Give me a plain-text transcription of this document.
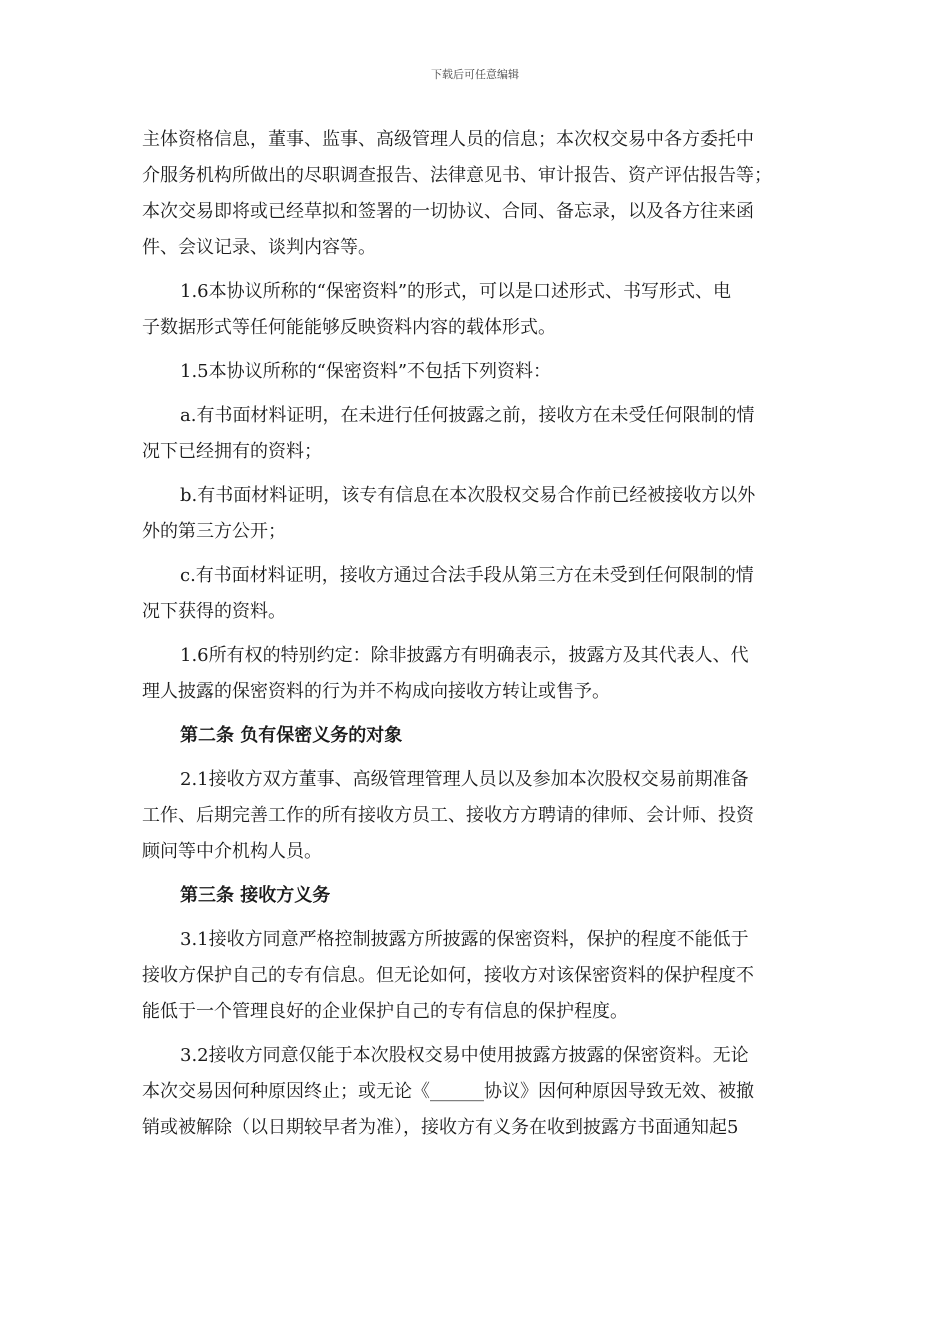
下载后可任意编辑
主体资格信息，董事、监事、高级管理人员的信息；本次权交易中各方委托中
介服务机构所做出的尽职调查报告、法律意见书、审计报告、资产评估报告等；
本次交易即将或已经草拟和签署的一切协议、合同、备忘录，以及各方往来函
件、会议记录、谈判内容等。
1.6本协议所称的“保密资料”的形式，可以是口述形式、书写形式、电
子数据形式等任何能能够反映资料内容的载体形式。
1.5本协议所称的“保密资料”不包括下列资料：
a.有书面材料证明，在未进行任何披露之前，接收方在未受任何限制的情
况下已经拥有的资料；
b.有书面材料证明，该专有信息在本次股权交易合作前已经被接收方以外
外的第三方公开；
c.有书面材料证明，接收方通过合法手段从第三方在未受到任何限制的情
况下获得的资料。
1.6所有权的特别约定：除非披露方有明确表示，披露方及其代表人、代
理人披露的保密资料的行为并不构成向接收方转让或售予。
第二条 负有保密义务的对象
2.1接收方双方董事、高级管理管理人员以及参加本次股权交易前期准备
工作、后期完善工作的所有接收方员工、接收方方聘请的律师、会计师、投资
顾问等中介机构人员。
第三条 接收方义务
3.1接收方同意严格控制披露方所披露的保密资料，保护的程度不能低于
接收方保护自己的专有信息。但无论如何，接收方对该保密资料的保护程度不
能低于一个管理良好的企业保护自己的专有信息的保护程度。
3.2接收方同意仅能于本次股权交易中使用披露方披露的保密资料。无论
本次交易因何种原因终止；或无论《______协议》因何种原因导致无效、被撤
销或被解除（以日期较早者为准），接收方有义务在收到披露方书面通知起5
